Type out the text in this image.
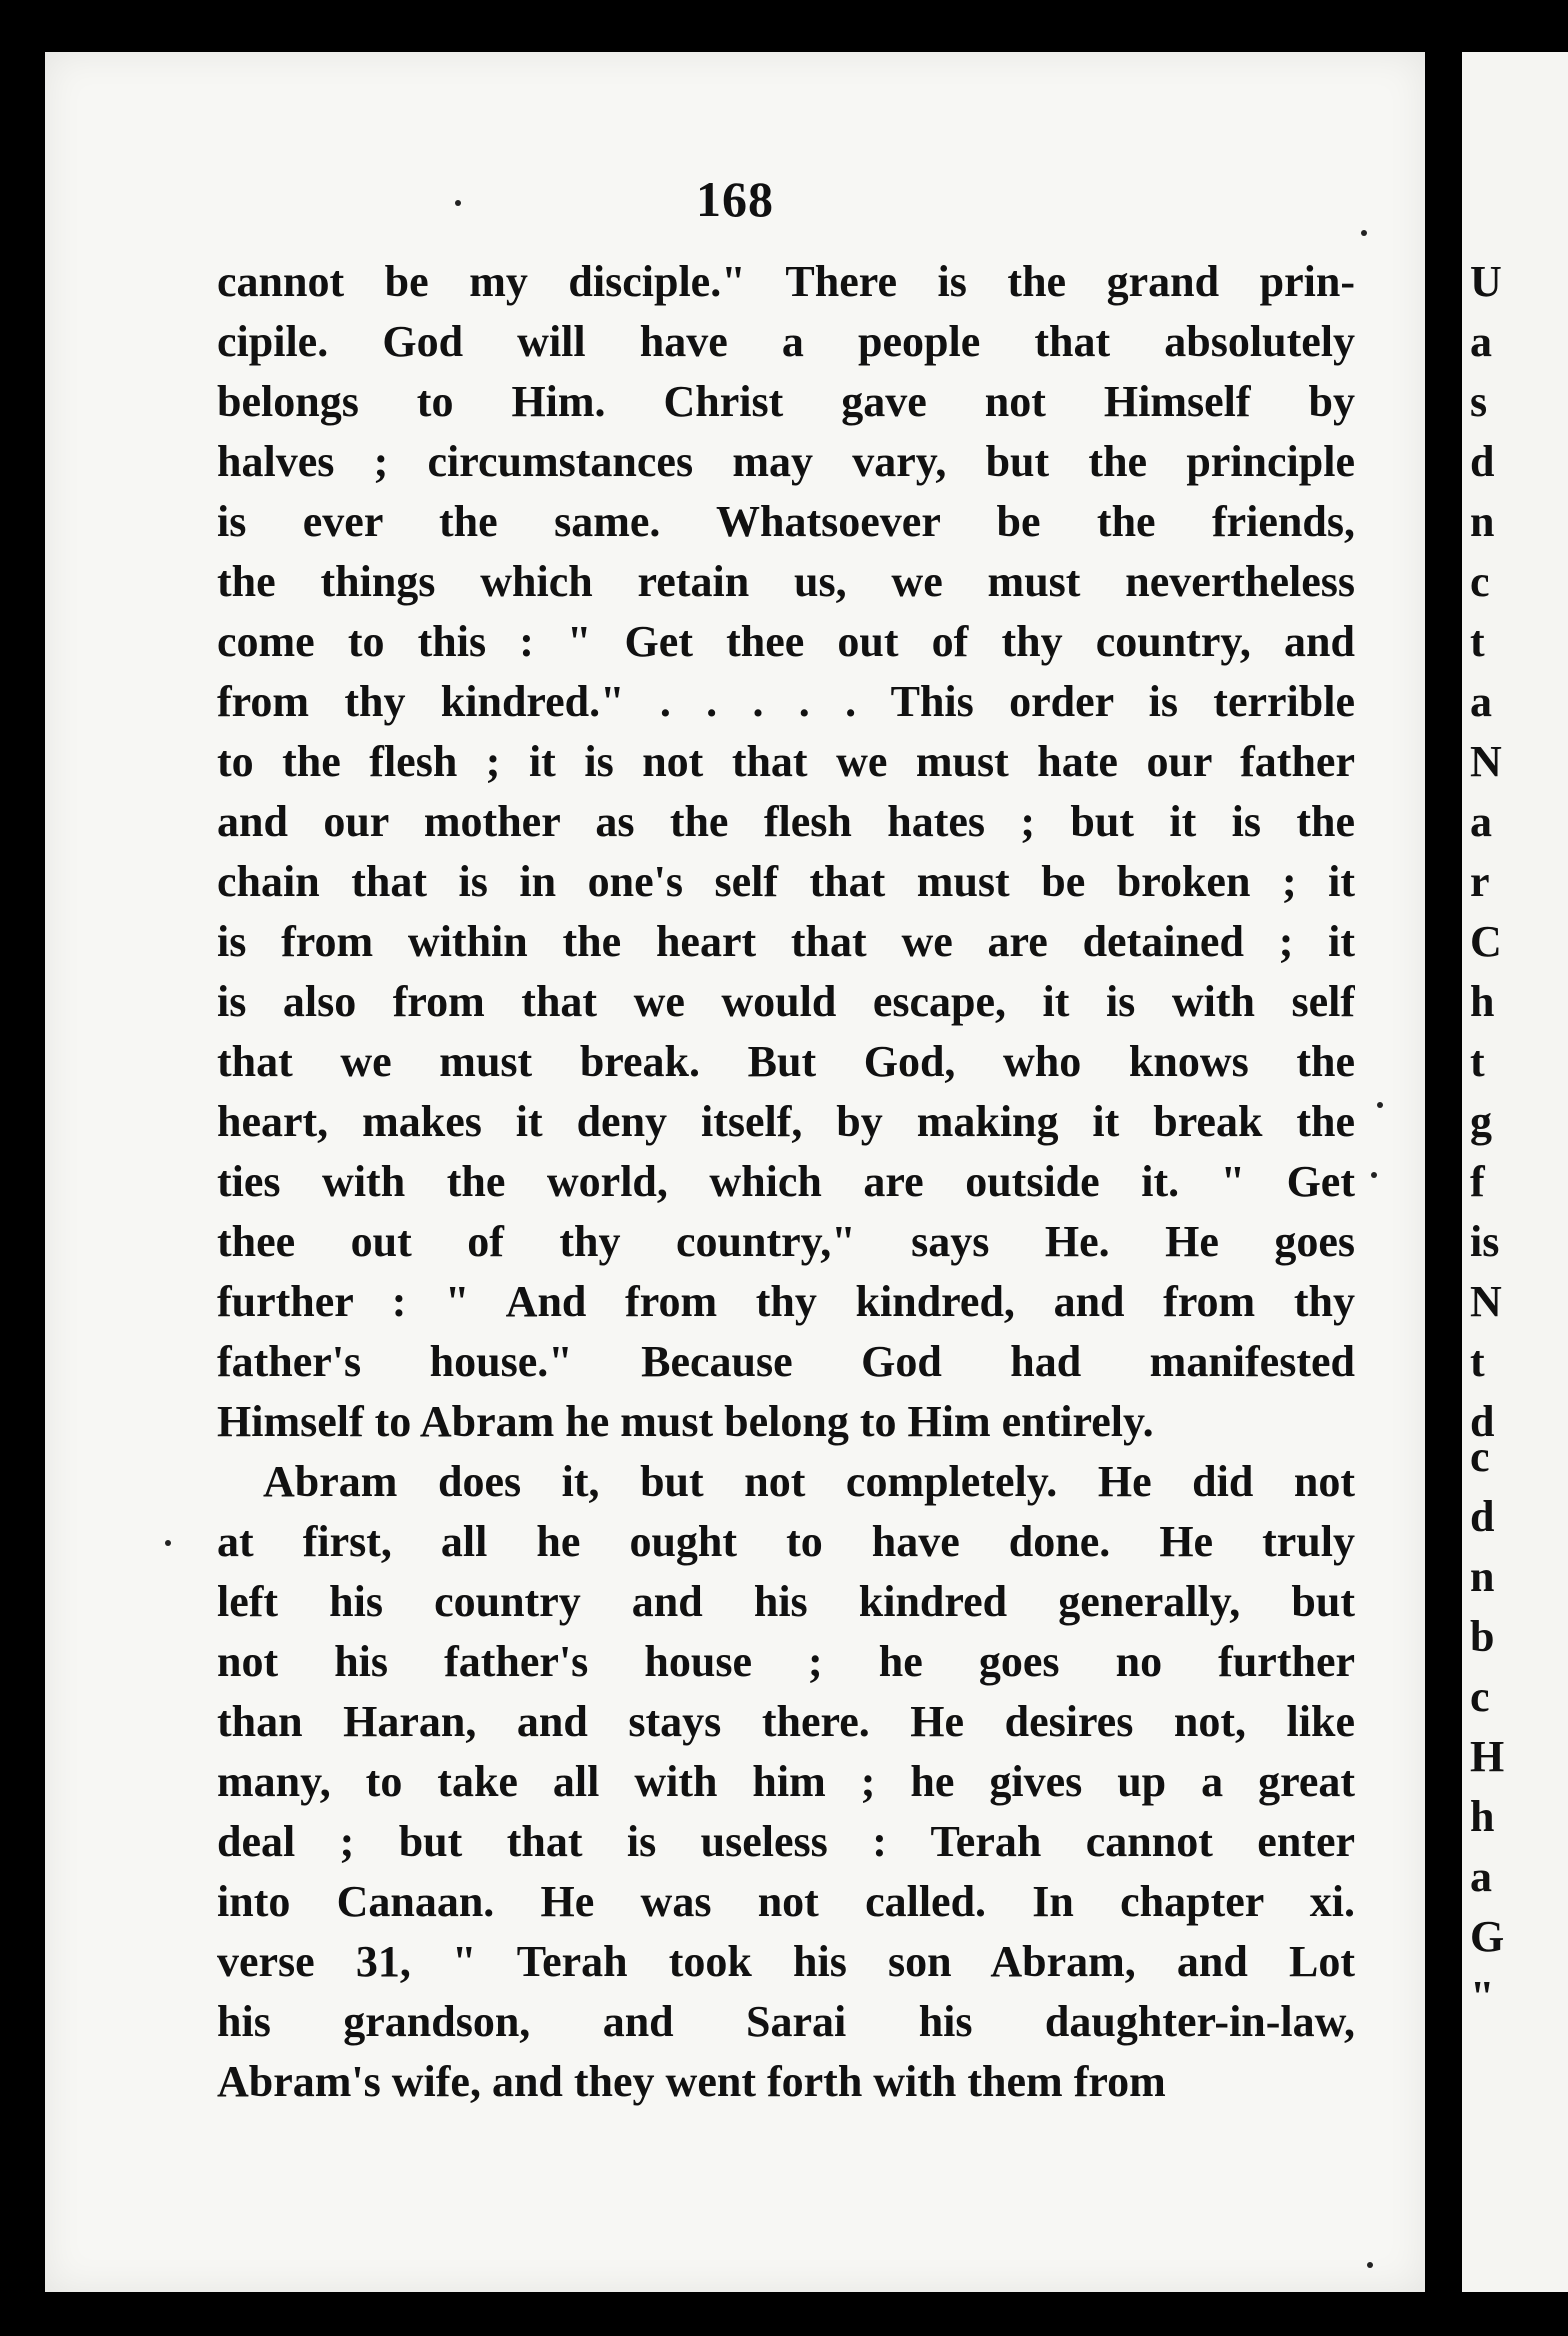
168
cannot be my disciple." There is the grand prin-
cipile. God will have a people that absolutely
belongs to Him. Christ gave not Himself by
halves ; circumstances may vary, but the principle
is ever the same. Whatsoever be the friends,
the things which retain us, we must nevertheless
come to this : " Get thee out of thy country, and
from thy kindred." . . . . . This order is terrible
to the flesh ; it is not that we must hate our father
and our mother as the flesh hates ; but it is the
chain that is in one's self that must be broken ; it
is from within the heart that we are detained ; it
is also from that we would escape, it is with self
that we must break. But God, who knows the
heart, makes it deny itself, by making it break the
ties with the world, which are outside it. " Get
thee out of thy country," says He. He goes
further : " And from thy kindred, and from thy
father's house." Because God had manifested
Himself to Abram he must belong to Him entirely.
Abram does it, but not completely. He did not
at first, all he ought to have done. He truly
left his country and his kindred generally, but
not his father's house ; he goes no further
than Haran, and stays there. He desires not, like
many, to take all with him ; he gives up a great
deal ; but that is useless : Terah cannot enter
into Canaan. He was not called. In chapter xi.
verse 31, " Terah took his son Abram, and Lot
his grandson, and Sarai his daughter-in-law,
Abram's wife, and they went forth with them from
U
a
s
d
n
c
t
a
N
a
r
C
h
t
g
f
is
N
t
d
c
d
n
b
c
H
h
a
G
"
